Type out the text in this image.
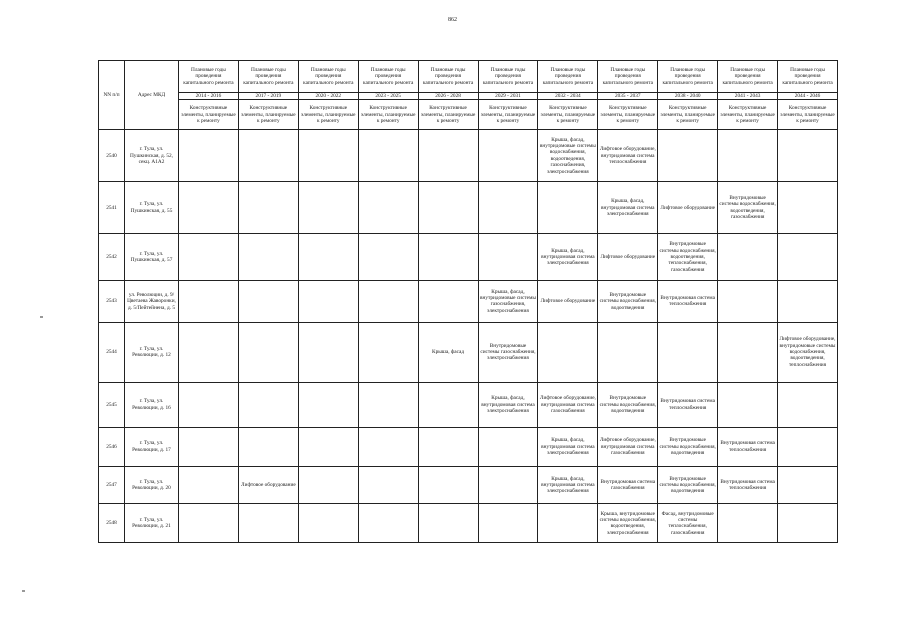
862
NN п/п	Адрес МКД	Плановые годы проведения капитального ремонта	Плановые годы проведения капитального ремонта	Плановые годы проведения капитального ремонта	Плановые годы проведения капитального ремонта	Плановые годы проведения капитального ремонта	Плановые годы проведения капитального ремонта	Плановые годы проведения капитального ремонта	Плановые годы проведения капитального ремонта	Плановые годы проведения капитального ремонта	Плановые годы проведения капитального ремонта	Плановые годы проведения капитального ремонта
		2014 - 2016	2017 - 2019	2020 - 2022	2023 - 2025	2026 - 2028	2029 - 2031	2032 - 2034	2035 - 2037	2038 - 2040	2041 - 2043	2044 - 2046
		Конструктивные элементы, планируемые к ремонту	Конструктивные элементы, планируемые к ремонту	Конструктивные элементы, планируемые к ремонту	Конструктивные элементы, планируемые к ремонту	Конструктивные элементы, планируемые к ремонту	Конструктивные элементы, планируемые к ремонту	Конструктивные элементы, планируемые к ремонту	Конструктивные элементы, планируемые к ремонту	Конструктивные элементы, планируемые к ремонту	Конструктивные элементы, планируемые к ремонту	Конструктивные элементы, планируемые к ремонту
2540	г. Тула, ул. Пушкинская, д. 52, секц. А1А2							Крыша, фасад, внутридомовые системы водоснабжения, водоотведения, газоснабжения, электроснабжения	Лифтовое оборудование, внутридомовая система теплоснабжения			
2541	г. Тула, ул. Пушкинская, д. 55								Крыша, фасад, внутридомовая система электроснабжения	Лифтовое оборудование	Внутридомовые системы водоснабжения, водоотведения, газоснабжения	
2542	г. Тула, ул. Пушкинская, д. 57							Крыша, фасад, внутридомовая система электроснабжения	Лифтовое оборудование	Внутридомовые системы водоснабжения, водоотведения, теплоснабжения, газоснабжения		
2543	ул. Революции, д. 9/Цветаева Жаворонки, д. 5/Пейтейнена, д. 5						Крыша, фасад, внутридомовые системы газоснабжения, электроснабжения	Лифтовое оборудование	Внутридомовые системы водоснабжения, водоотведения	Внутридомовая система теплоснабжения		
2544	г. Тула, ул. Революции, д. 12					Крыша, фасад	Внутридомовые системы газоснабжения, электроснабжения					Лифтовое оборудование, внутридомовые системы водоснабжения, водоотведения, теплоснабжения
2545	г. Тула, ул. Революции, д. 16						Крыша, фасад, внутридомовая система электроснабжения	Лифтовое оборудование, внутридомовая система газоснабжения	Внутридомовые системы водоснабжения, водоотведения	Внутридомовая система теплоснабжения		
2546	г. Тула, ул. Революции, д. 17							Крыша, фасад, внутридомовая система электроснабжения	Лифтовое оборудование, внутридомовая система газоснабжения	Внутридомовые системы водоснабжения, водоотведения	Внутридомовая система теплоснабжения	
2547	г. Тула, ул. Революции, д. 20		Лифтовое оборудование					Крыша, фасад, внутридомовая система электроснабжения	Внутридомовая система газоснабжения	Внутридомовые системы водоснабжения, водоотведения	Внутридомовая система теплоснабжения	
2548	г. Тула, ул. Революции, д. 21								Крыша, внутридомовые системы водоснабжения, водоотведения, электроснабжения	Фасад, внутридомовые системы теплоснабжения, газоснабжения		
